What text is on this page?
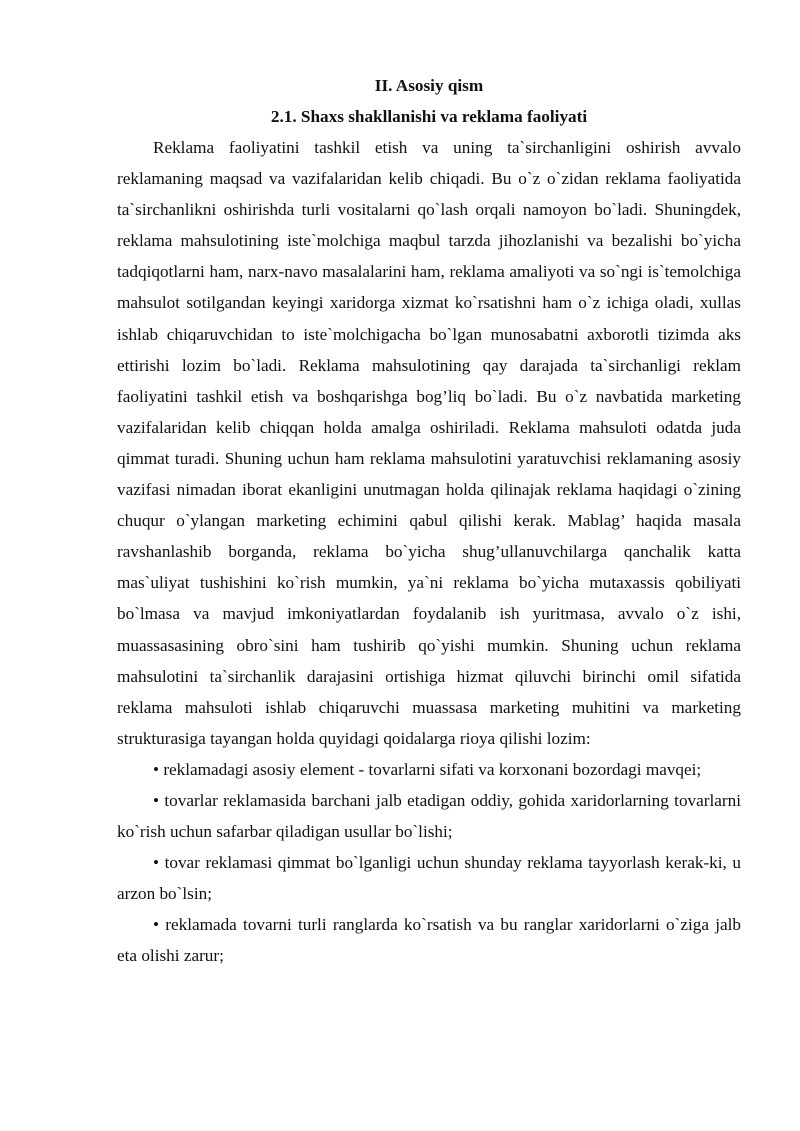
II. Asosiy qism

2.1. Shaxs shakllanishi va reklama faoliyati

Reklama faoliyatini tashkil etish va uning ta`sirchanligini oshirish avvalo reklamaning maqsad va vazifalaridan kelib chiqadi. Bu o`z o`zidan reklama faoliyatida ta`sirchanlikni oshirishda turli vositalarni qo`lash orqali namoyon bo`ladi. Shuningdek, reklama mahsulotining iste`molchiga maqbul tarzda jihozlanishi va bezalishi bo`yicha tadqiqotlarni ham, narx-navo masalalarini ham, reklama amaliyoti va so`ngi is`temolchiga mahsulot sotilgandan keyingi xaridorga xizmat ko`rsatishni ham o`z ichiga oladi, xullas ishlab chiqaruvchidan to iste`molchigacha bo`lgan munosabatni axborotli tizimda aks ettirishi lozim bo`ladi. Reklama mahsulotining qay darajada ta`sirchanligi reklam faoliyatini tashkil etish va boshqarishga bog’liq bo`ladi. Bu o`z navbatida marketing vazifalaridan kelib chiqqan holda amalga oshiriladi. Reklama mahsuloti odatda juda qimmat turadi. Shuning uchun ham reklama mahsulotini yaratuvchisi reklamaning asosiy vazifasi nimadan iborat ekanligini unutmagan holda qilinajak reklama haqidagi o`zining chuqur o`ylangan marketing echimini qabul qilishi kerak. Mablag’ haqida masala ravshanlashib borganda, reklama bo`yicha shug’ullanuvchilarga qanchalik katta mas`uliyat tushishini ko`rish mumkin, ya`ni reklama bo`yicha mutaxassis qobiliyati bo`lmasa va mavjud imkoniyatlardan foydalanib ish yuritmasa, avvalo o`z ishi, muassasasining obro`sini ham tushirib qo`yishi mumkin. Shuning uchun reklama mahsulotini ta`sirchanlik darajasini ortishiga hizmat qiluvchi birinchi omil sifatida reklama mahsuloti ishlab chiqaruvchi muassasa marketing muhitini va marketing strukturasiga tayangan holda quyidagi qoidalarga rioya qilishi lozim:

• reklamadagi asosiy element - tovarlarni sifati va korxonani bozordagi mavqei;

• tovarlar reklamasida barchani jalb etadigan oddiy, gohida xaridorlarning tovarlarni ko`rish uchun safarbar qiladigan usullar bo`lishi;

• tovar reklamasi qimmat bo`lganligi uchun shunday reklama tayyorlash kerak-ki, u arzon bo`lsin;

• reklamada tovarni turli ranglarda ko`rsatish va bu ranglar xaridorlarni o`ziga jalb eta olishi zarur;
